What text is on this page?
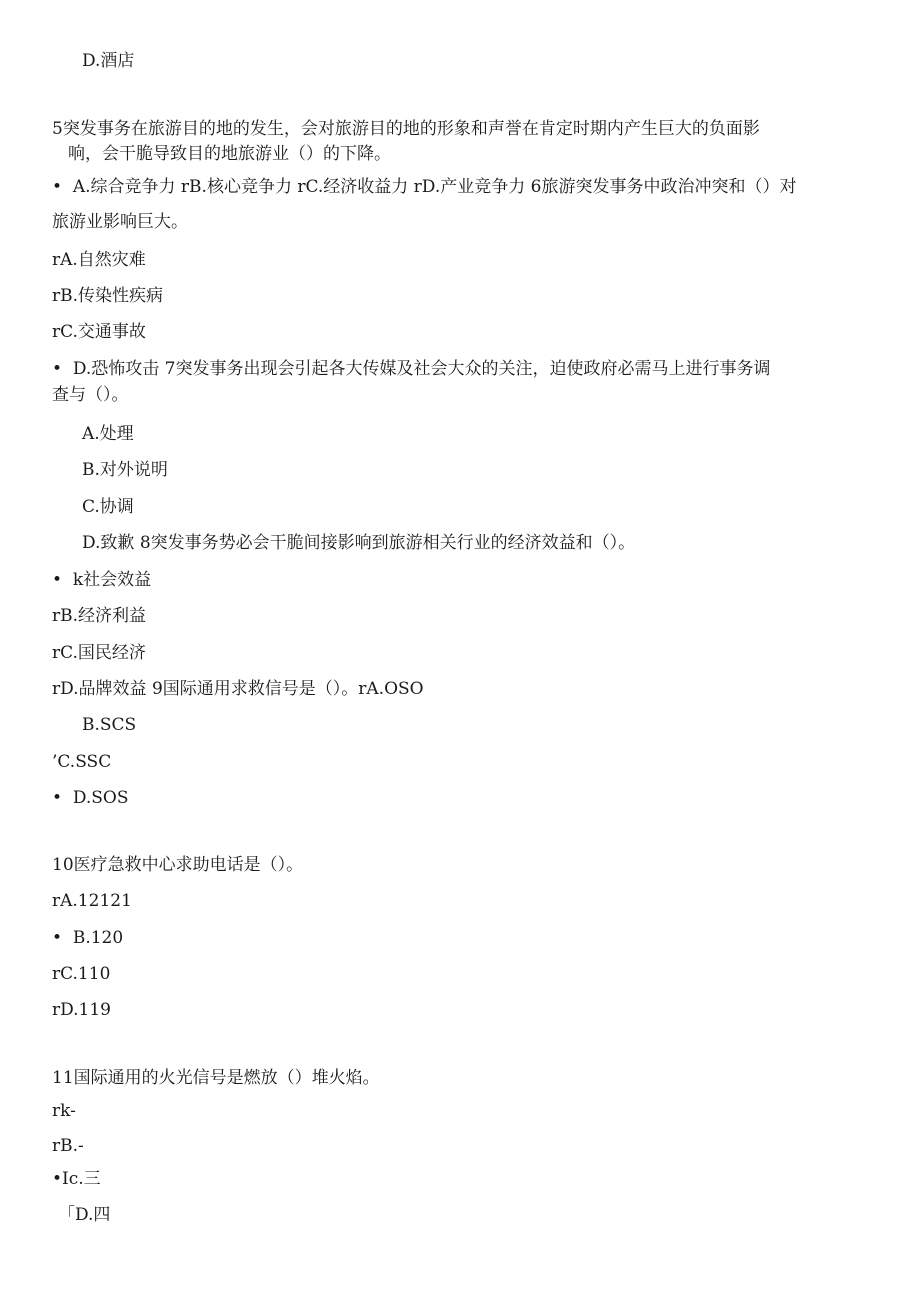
D.酒店
5突发事务在旅游目的地的发生，会对旅游目的地的形象和声誉在肯定时期内产生巨大的负面影
响，会干脆导致目的地旅游业（）的下降。
•  A.综合竞争力 rB.核心竞争力 rC.经济收益力 rD.产业竞争力 6旅游突发事务中政治冲突和（）对
旅游业影响巨大。
rA.自然灾难
rB.传染性疾病
rC.交通事故
•  D.恐怖攻击 7突发事务出现会引起各大传媒及社会大众的关注，迫使政府必需马上进行事务调
查与（）。
A.处理
B.对外说明
C.协调
D.致歉 8突发事务势必会干脆间接影响到旅游相关行业的经济效益和（）。
•  k社会效益
rB.经济利益
rC.国民经济
rD.品牌效益 9国际通用求救信号是（）。rA.OSO
B.SCS
’C.SSC
•  D.SOS
10医疗急救中心求助电话是（）。
rA.12121
•  B.120
rC.110
rD.119
11国际通用的火光信号是燃放（）堆火焰。
rk-
rB.-
•Ic.三
「D.四
